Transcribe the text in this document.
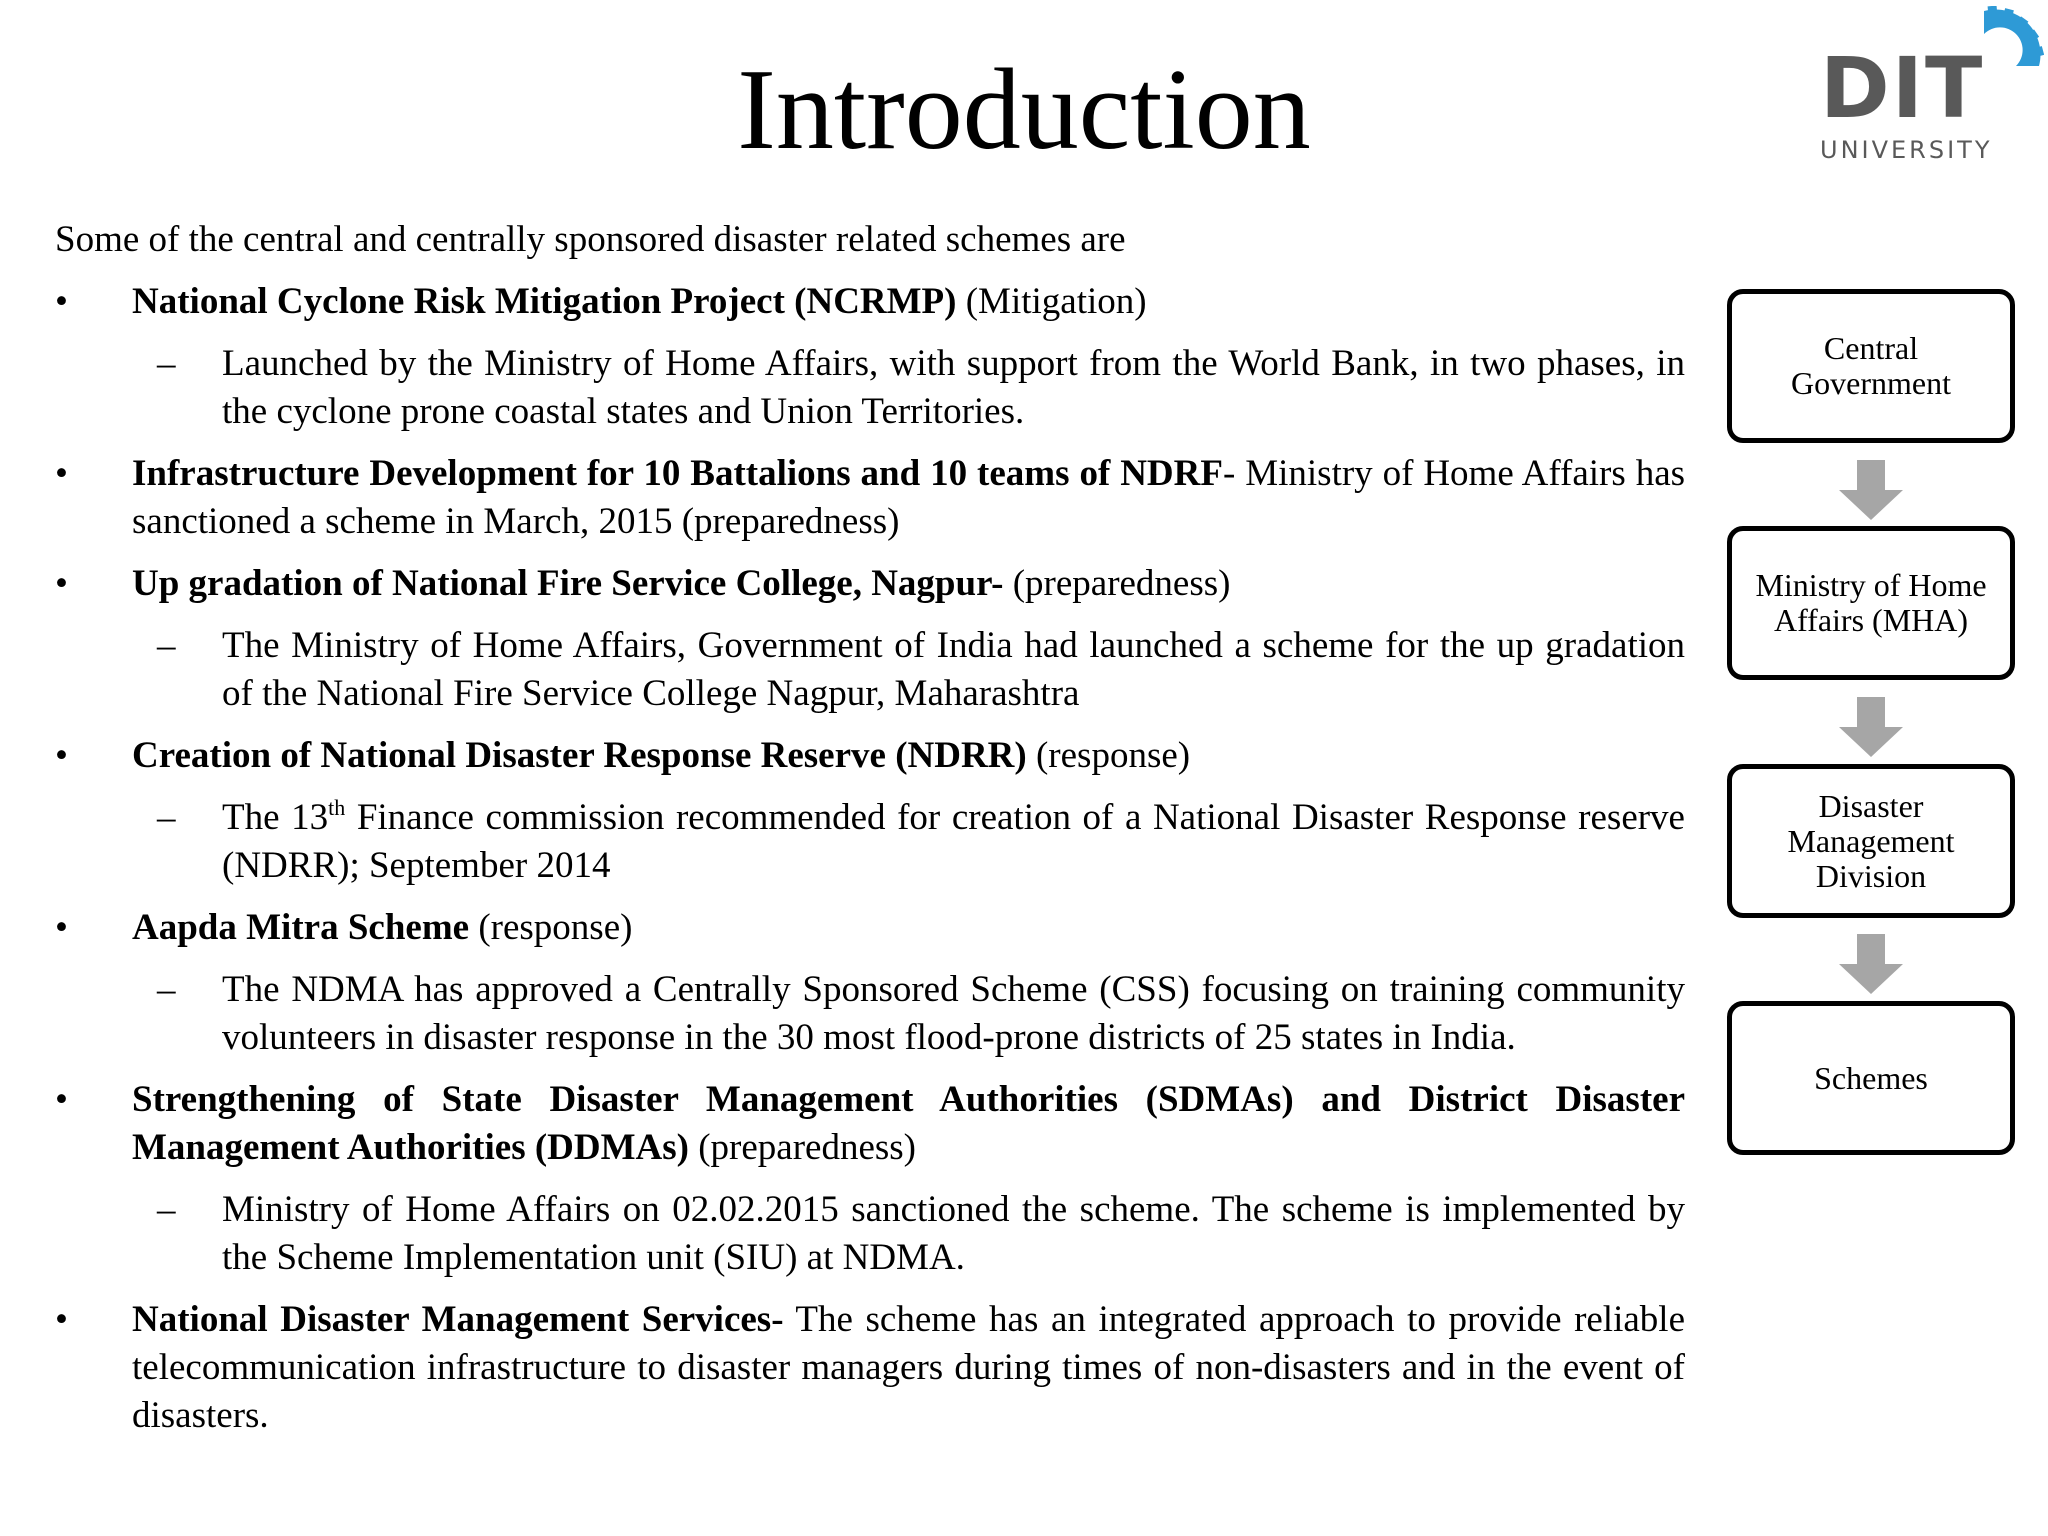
Introduction	DIT
UNIVERSITY

Some of the central and centrally sponsored disaster related schemes are

• National Cyclone Risk Mitigation Project (NCRMP) (Mitigation)

– Launched by the Ministry of Home Affairs, with support from the World Bank, in two phases, in the cyclone prone coastal states and Union Territories.

• Infrastructure Development for 10 Battalions and 10 teams of NDRF- Ministry of Home Affairs has sanctioned a scheme in March, 2015 (preparedness)

• Up gradation of National Fire Service College, Nagpur- (preparedness)

– The Ministry of Home Affairs, Government of India had launched a scheme for the up gradation of the National Fire Service College Nagpur, Maharashtra

• Creation of National Disaster Response Reserve (NDRR) (response)

– The 13th Finance commission recommended for creation of a National Disaster Response reserve (NDRR); September 2014

• Aapda Mitra Scheme (response)

– The NDMA has approved a Centrally Sponsored Scheme (CSS) focusing on training community volunteers in disaster response in the 30 most flood-prone districts of 25 states in India.

• Strengthening of State Disaster Management Authorities (SDMAs) and District Disaster Management Authorities (DDMAs) (preparedness)

– Ministry of Home Affairs on 02.02.2015 sanctioned the scheme. The scheme is implemented by the Scheme Implementation unit (SIU) at NDMA.

• National Disaster Management Services- The scheme has an integrated approach to provide reliable telecommunication infrastructure to disaster managers during times of non-disasters and in the event of disasters.

Central Government
Ministry of Home Affairs (MHA)
Disaster Management Division
Schemes
